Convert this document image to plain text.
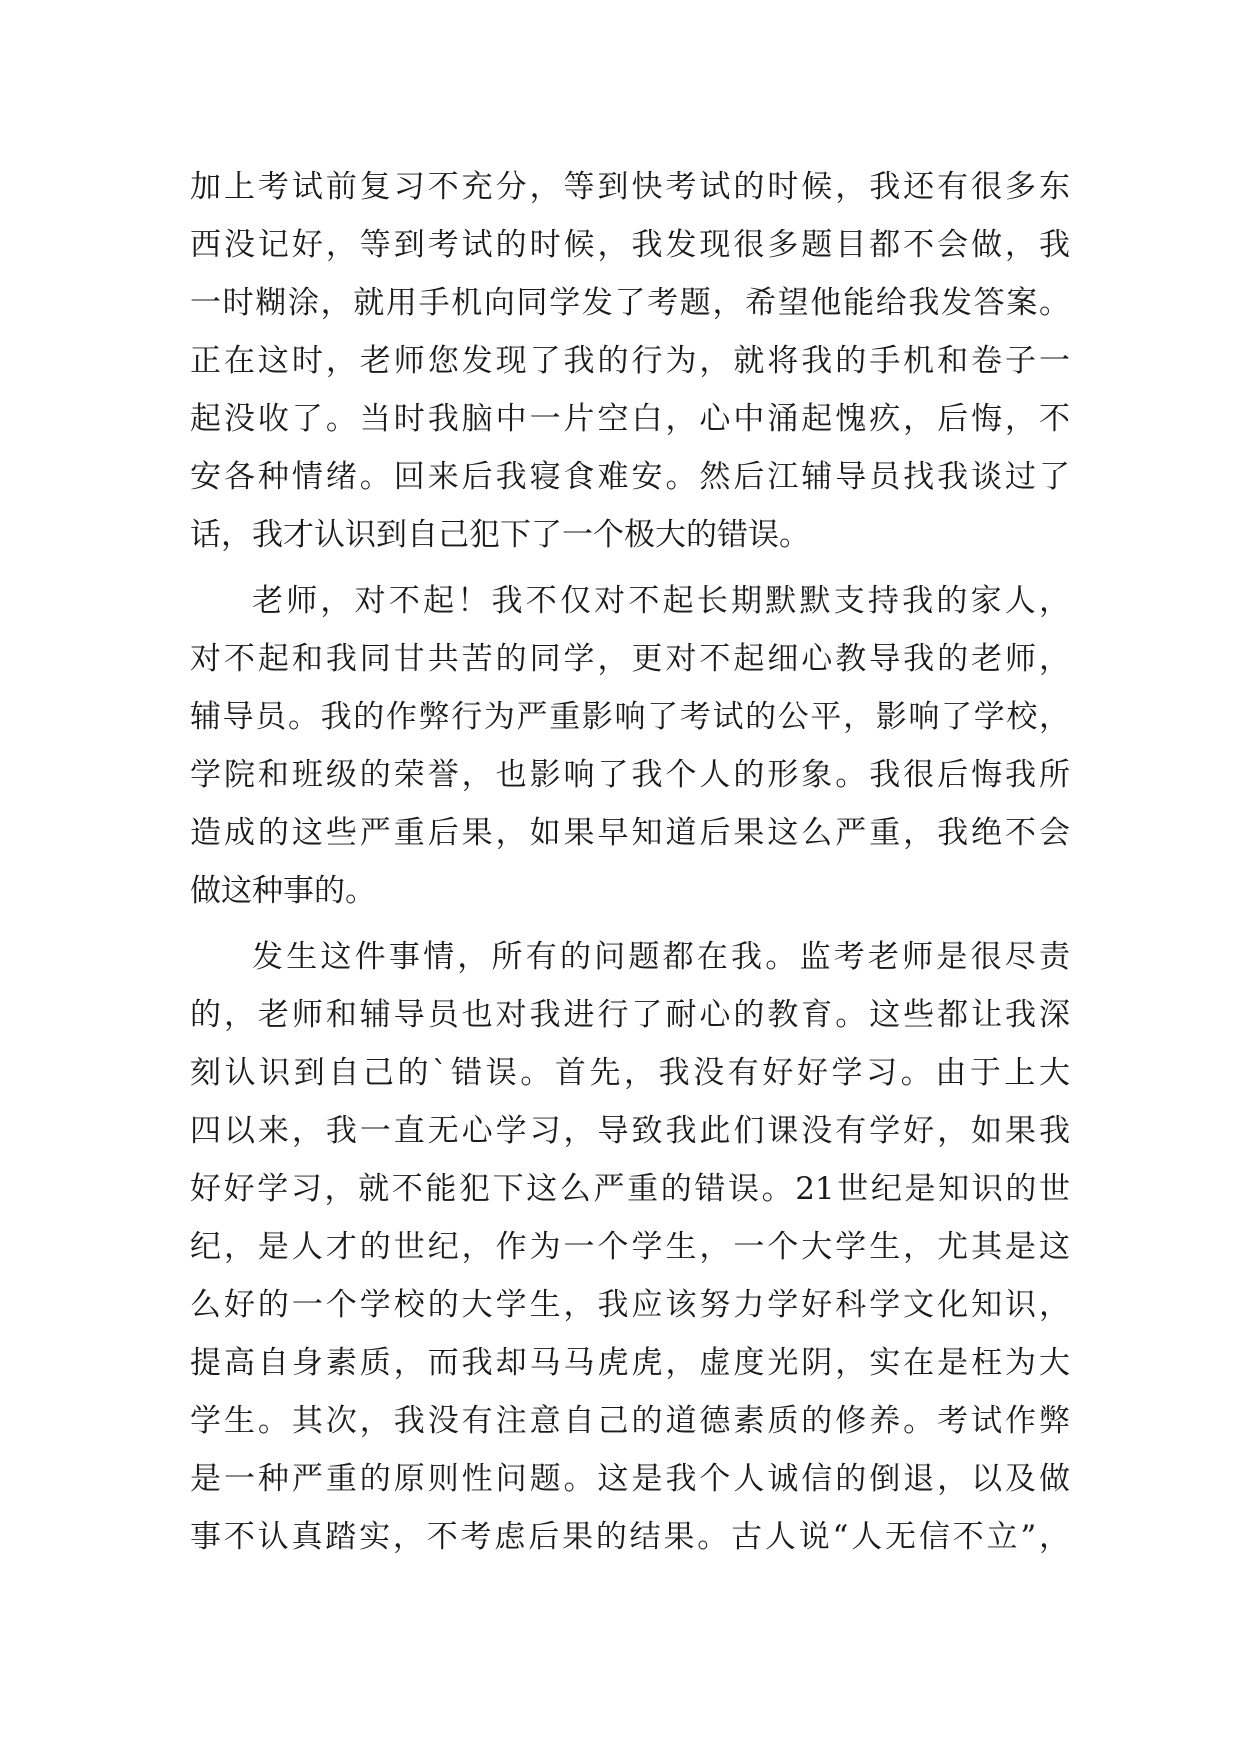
加上考试前复习不充分，等到快考试的时候，我还有很多东
西没记好，等到考试的时候，我发现很多题目都不会做，我
一时糊涂，就用手机向同学发了考题，希望他能给我发答案。
正在这时，老师您发现了我的行为，就将我的手机和卷子一
起没收了。当时我脑中一片空白，心中涌起愧疚，后悔，不
安各种情绪。回来后我寝食难安。然后江辅导员找我谈过了
话，我才认识到自己犯下了一个极大的错误。
老师，对不起！我不仅对不起长期默默支持我的家人，
对不起和我同甘共苦的同学，更对不起细心教导我的老师，
辅导员。我的作弊行为严重影响了考试的公平，影响了学校，
学院和班级的荣誉，也影响了我个人的形象。我很后悔我所
造成的这些严重后果，如果早知道后果这么严重，我绝不会
做这种事的。
发生这件事情，所有的问题都在我。监考老师是很尽责
的，老师和辅导员也对我进行了耐心的教育。这些都让我深
刻认识到自己的`错误。首先，我没有好好学习。由于上大
四以来，我一直无心学习，导致我此们课没有学好，如果我
好好学习，就不能犯下这么严重的错误。21世纪是知识的世
纪，是人才的世纪，作为一个学生，一个大学生，尤其是这
么好的一个学校的大学生，我应该努力学好科学文化知识，
提高自身素质，而我却马马虎虎，虚度光阴，实在是枉为大
学生。其次，我没有注意自己的道德素质的修养。考试作弊
是一种严重的原则性问题。这是我个人诚信的倒退，以及做
事不认真踏实，不考虑后果的结果。古人说“人无信不立”，
